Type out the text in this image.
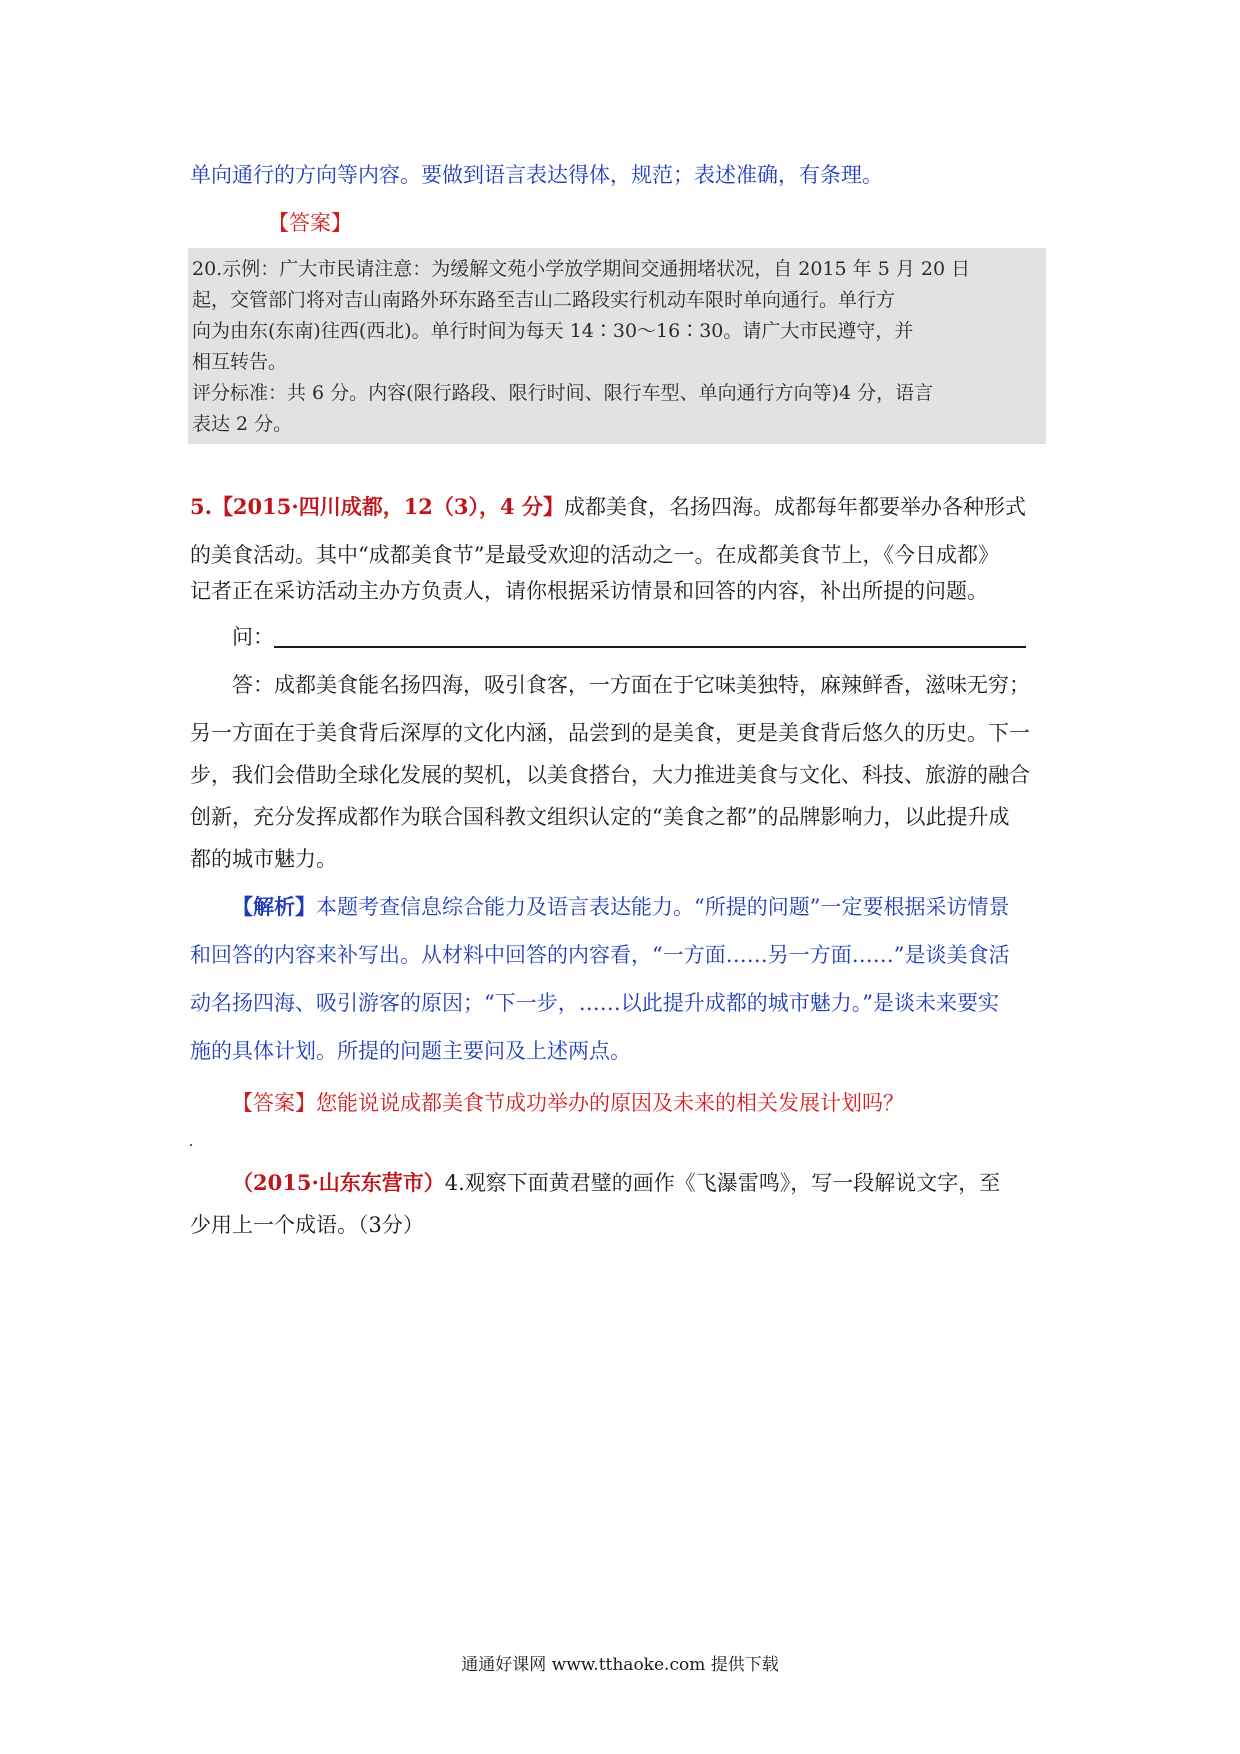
单向通行的方向等内容。要做到语言表达得体，规范；表述准确，有条理。
【答案】
20.示例：广大市民请注意：为缓解文苑小学放学期间交通拥堵状况，自 2015 年 5 月 20 日
起，交管部门将对吉山南路外环东路至吉山二路段实行机动车限时单向通行。单行方
向为由东(东南)往西(西北)。单行时间为每天 14∶30～16∶30。请广大市民遵守，并
相互转告。
评分标准：共 6 分。内容(限行路段、限行时间、限行车型、单向通行方向等)4 分，语言
表达 2 分。
5.【2015·四川成都，12（3），4 分】成都美食，名扬四海。成都每年都要举办各种形式
的美食活动。其中“成都美食节”是最受欢迎的活动之一。在成都美食节上，《今日成都》
记者正在采访活动主办方负责人，请你根据采访情景和回答的内容，补出所提的问题。
问：
答：成都美食能名扬四海，吸引食客，一方面在于它味美独特，麻辣鲜香，滋味无穷；
另一方面在于美食背后深厚的文化内涵，品尝到的是美食，更是美食背后悠久的历史。下一
步，我们会借助全球化发展的契机，以美食搭台，大力推进美食与文化、科技、旅游的融合
创新，充分发挥成都作为联合国科教文组织认定的“美食之都”的品牌影响力，以此提升成
都的城市魅力。
【解析】本题考查信息综合能力及语言表达能力。“所提的问题”一定要根据采访情景
和回答的内容来补写出。从材料中回答的内容看，“一方面……另一方面……”是谈美食活
动名扬四海、吸引游客的原因；“下一步，……以此提升成都的城市魅力。”是谈未来要实
施的具体计划。所提的问题主要问及上述两点。
【答案】您能说说成都美食节成功举办的原因及未来的相关发展计划吗？
（2015·山东东营市）4.观察下面黄君璧的画作《飞瀑雷鸣》，写一段解说文字，至
少用上一个成语。（3分）
通通好课网 www.tthaoke.com 提供下载
